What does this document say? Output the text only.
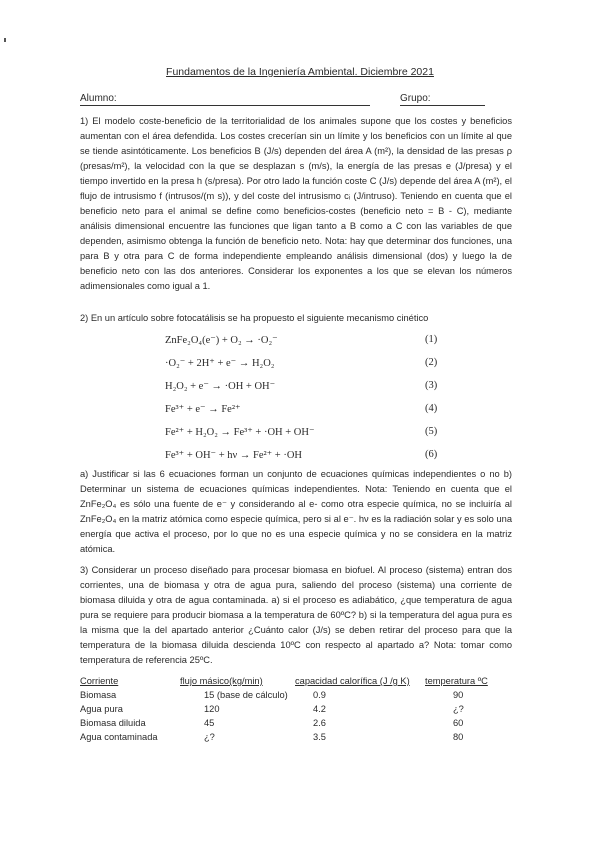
Fundamentos de la Ingeniería Ambiental. Diciembre 2021
Alumno:	Grupo:
1) El modelo coste-beneficio de la territorialidad de los animales supone que los costes y beneficios aumentan con el área defendida. Los costes crecerían sin un límite y los beneficios con un límite al que se tiende asintóticamente. Los beneficios B (J/s) dependen del área A (m²), la densidad de las presas ρ (presas/m²), la velocidad con la que se desplazan s (m/s), la energía de las presas e (J/presa) y el tiempo invertido en la presa h (s/presa). Por otro lado la función coste C (J/s) depende del área A (m²), el flujo de intrusismo f (intrusos/(m s)), y del coste del intrusismo cᵢ (J/intruso). Teniendo en cuenta que el beneficio neto para el animal se define como beneficios-costes (beneficio neto = B - C), mediante análisis dimensional encuentre las funciones que ligan tanto a B como a C con las variables de que dependen, asimismo obtenga la función de beneficio neto. Nota: hay que determinar dos funciones, una para B y otra para C de forma independiente empleando análisis dimensional (dos) y luego la de beneficio neto con las dos anteriores. Considerar los exponentes a los que se elevan los números adimensionales como igual a 1.
2) En un artículo sobre fotocatálisis se ha propuesto el siguiente mecanismo cinético
ZnFe₂O₄(e⁻) + O₂ → ·O₂⁻	(1)
·O₂⁻ + 2H⁺ + e⁻ → H₂O₂	(2)
H₂O₂ + e⁻ → ·OH + OH⁻	(3)
Fe³⁺ + e⁻ → Fe²⁺	(4)
Fe²⁺ + H₂O₂ → Fe³⁺ + ·OH + OH⁻	(5)
Fe³⁺ + OH⁻ + hν → Fe²⁺ + ·OH	(6)
a) Justificar si las 6 ecuaciones forman un conjunto de ecuaciones químicas independientes o no b) Determinar un sistema de ecuaciones químicas independientes. Nota: Teniendo en cuenta que el ZnFe₂O₄ es sólo una fuente de e⁻ y considerando al e- como otra especie química, no se incluiría al ZnFe₂O₄ en la matriz atómica como especie química, pero si al e⁻. hν es la radiación solar y es solo una energía que activa el proceso, por lo que no es una especie química y no se considera en la matriz atómica.
3) Considerar un proceso diseñado para procesar biomasa en biofuel. Al proceso (sistema) entran dos corrientes, una de biomasa y otra de agua pura, saliendo del proceso (sistema) una corriente de biomasa diluida y otra de agua contaminada. a) si el proceso es adiabático, ¿que temperatura de agua pura se requiere para producir biomasa a la temperatura de 60ºC? b) si la temperatura del agua pura es la misma que la del apartado anterior ¿Cuánto calor (J/s) se deben retirar del proceso para que la temperatura de la biomasa diluida descienda 10ºC con respecto al apartado a? Nota: tomar como temperatura de referencia 25ºC.
Corriente	flujo másico(kg/min)	capacidad calorífica (J /g K)	temperatura ºC
Biomasa	15 (base de cálculo)	0.9	90
Agua pura	120	4.2	¿?
Biomasa diluida	45	2.6	60
Agua contaminada	¿?	3.5	80
